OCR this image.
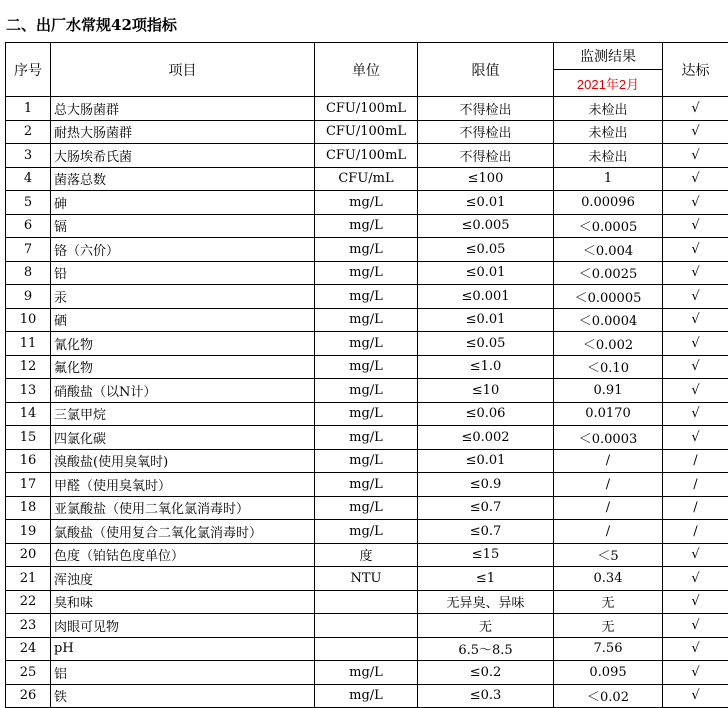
二、出厂水常规42项指标
序号	项目	单位	限值	监测结果	达标
				2021年2月	
1	总大肠菌群	CFU/100mL	不得检出	未检出	√
2	耐热大肠菌群	CFU/100mL	不得检出	未检出	√
3	大肠埃希氏菌	CFU/100mL	不得检出	未检出	√
4	菌落总数	CFU/mL	≤100	1	√
5	砷	mg/L	≤0.01	0.00096	√
6	镉	mg/L	≤0.005	＜0.0005	√
7	铬（六价）	mg/L	≤0.05	＜0.004	√
8	铅	mg/L	≤0.01	＜0.0025	√
9	汞	mg/L	≤0.001	＜0.00005	√
10	硒	mg/L	≤0.01	＜0.0004	√
11	氰化物	mg/L	≤0.05	＜0.002	√
12	氟化物	mg/L	≤1.0	＜0.10	√
13	硝酸盐（以N计）	mg/L	≤10	0.91	√
14	三氯甲烷	mg/L	≤0.06	0.0170	√
15	四氯化碳	mg/L	≤0.002	＜0.0003	√
16	溴酸盐(使用臭氧时)	mg/L	≤0.01	/	/
17	甲醛（使用臭氧时）	mg/L	≤0.9	/	/
18	亚氯酸盐（使用二氧化氯消毒时）	mg/L	≤0.7	/	/
19	氯酸盐（使用复合二氧化氯消毒时）	mg/L	≤0.7	/	/
20	色度（铂钴色度单位）	度	≤15	＜5	√
21	浑浊度	NTU	≤1	0.34	√
22	臭和味		无异臭、异味	无	√
23	肉眼可见物		无	无	√
24	pH		6.5～8.5	7.56	√
25	铝	mg/L	≤0.2	0.095	√
26	铁	mg/L	≤0.3	＜0.02	√
